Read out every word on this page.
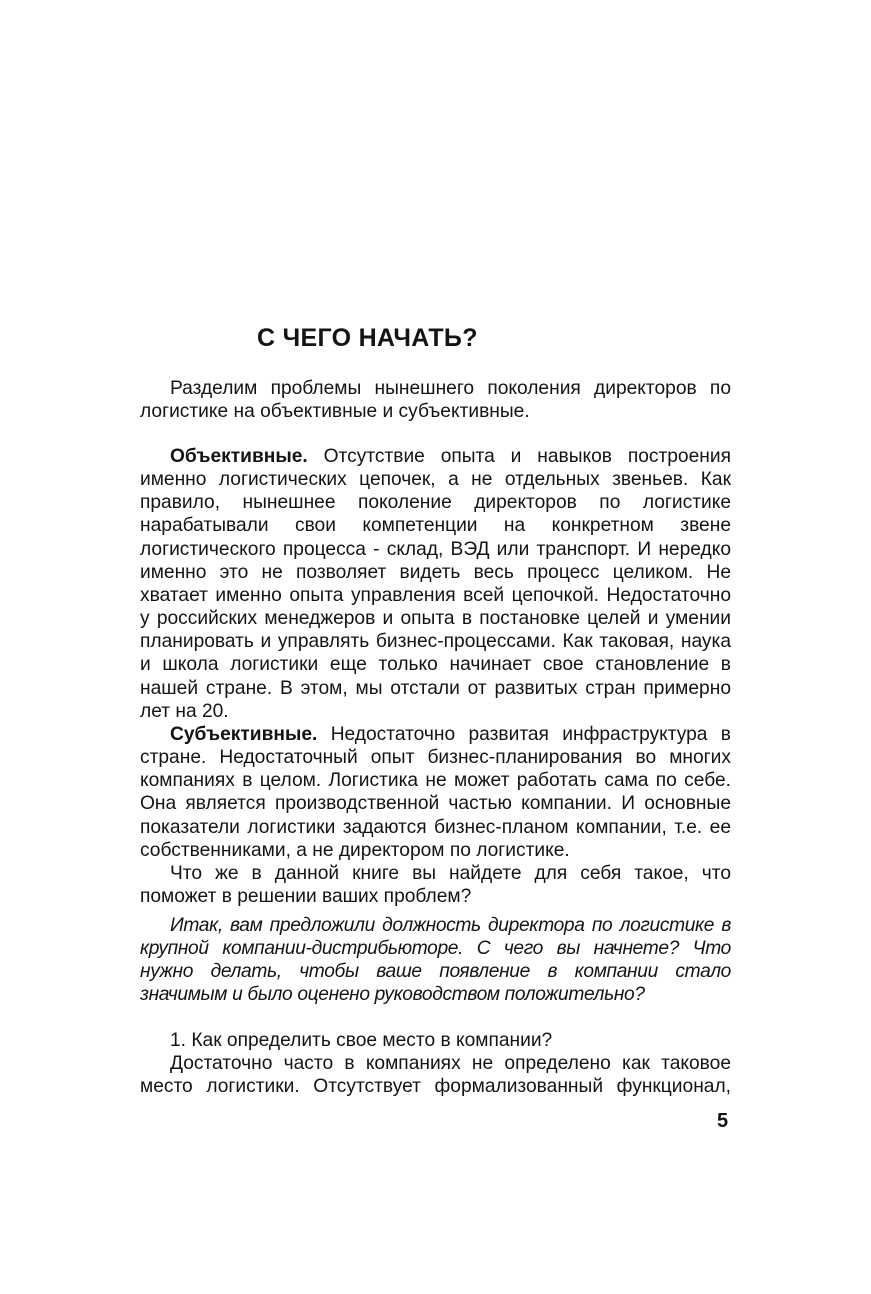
С ЧЕГО НАЧАТЬ?

Разделим проблемы нынешнего поколения директоров по логистике на объективные и субъективные.

Объективные. Отсутствие опыта и навыков построения именно логистических цепочек, а не отдельных звеньев. Как правило, нынешнее поколение директоров по логистике нарабатывали свои компетенции на конкретном звене логистического процесса - склад, ВЭД или транспорт. И нередко именно это не позволяет видеть весь процесс целиком. Не хватает именно опыта управления всей цепочкой. Недостаточно у российских менеджеров и опыта в постановке целей и умении планировать и управлять бизнес-процессами. Как таковая, наука и школа логистики еще только начинает свое становление в нашей стране. В этом, мы отстали от развитых стран примерно лет на 20.

Субъективные. Недостаточно развитая инфраструктура в стране. Недостаточный опыт бизнес-планирования во многих компаниях в целом. Логистика не может работать сама по себе. Она является производственной частью компании. И основные показатели логистики задаются бизнес-планом компании, т.е. ее собственниками, а не директором по логистике.

Что же в данной книге вы найдете для себя такое, что поможет в решении ваших проблем?

Итак, вам предложили должность директора по логистике в крупной компании-дистрибьюторе. С чего вы начнете? Что нужно делать, чтобы ваше появление в компании стало значимым и было оценено руководством положительно?

1. Как определить свое место в компании?

Достаточно часто в компаниях не определено как таковое место логистики. Отсутствует формализованный функционал,

5
